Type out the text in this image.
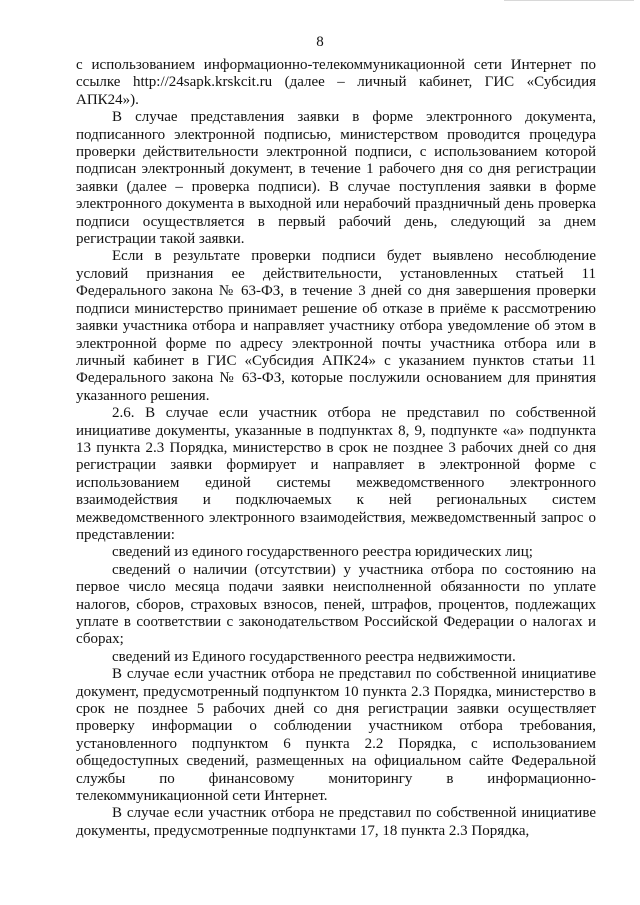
8

с использованием информационно-телекоммуникационной сети Интернет по ссылке http://24sapk.krskcit.ru (далее – личный кабинет, ГИС «Субсидия АПК24»).

В случае представления заявки в форме электронного документа, подписанного электронной подписью, министерством проводится процедура проверки действительности электронной подписи, с использованием которой подписан электронный документ, в течение 1 рабочего дня со дня регистрации заявки (далее – проверка подписи). В случае поступления заявки в форме электронного документа в выходной или нерабочий праздничный день проверка подписи осуществляется в первый рабочий день, следующий за днем регистрации такой заявки.

Если в результате проверки подписи будет выявлено несоблюдение условий признания ее действительности, установленных статьей 11 Федерального закона № 63-ФЗ, в течение 3 дней со дня завершения проверки подписи министерство принимает решение об отказе в приёме к рассмотрению заявки участника отбора и направляет участнику отбора уведомление об этом в электронной форме по адресу электронной почты участника отбора или в личный кабинет в ГИС «Субсидия АПК24» с указанием пунктов статьи 11 Федерального закона № 63-ФЗ, которые послужили основанием для принятия указанного решения.

2.6. В случае если участник отбора не представил по собственной инициативе документы, указанные в подпунктах 8, 9, подпункте «а» подпункта 13 пункта 2.3 Порядка, министерство в срок не позднее 3 рабочих дней со дня регистрации заявки формирует и направляет в электронной форме с использованием единой системы межведомственного электронного взаимодействия и подключаемых к ней региональных систем межведомственного электронного взаимодействия, межведомственный запрос о представлении:

сведений из единого государственного реестра юридических лиц;

сведений о наличии (отсутствии) у участника отбора по состоянию на первое число месяца подачи заявки неисполненной обязанности по уплате налогов, сборов, страховых взносов, пеней, штрафов, процентов, подлежащих уплате в соответствии с законодательством Российской Федерации о налогах и сборах;

сведений из Единого государственного реестра недвижимости.

В случае если участник отбора не представил по собственной инициативе документ, предусмотренный подпунктом 10 пункта 2.3 Порядка, министерство в срок не позднее 5 рабочих дней со дня регистрации заявки осуществляет проверку информации о соблюдении участником отбора требования, установленного подпунктом 6 пункта 2.2 Порядка, с использованием общедоступных сведений, размещенных на официальном сайте Федеральной службы по финансовому мониторингу в информационно-телекоммуникационной сети Интернет.

В случае если участник отбора не представил по собственной инициативе документы, предусмотренные подпунктами 17, 18 пункта 2.3 Порядка,
